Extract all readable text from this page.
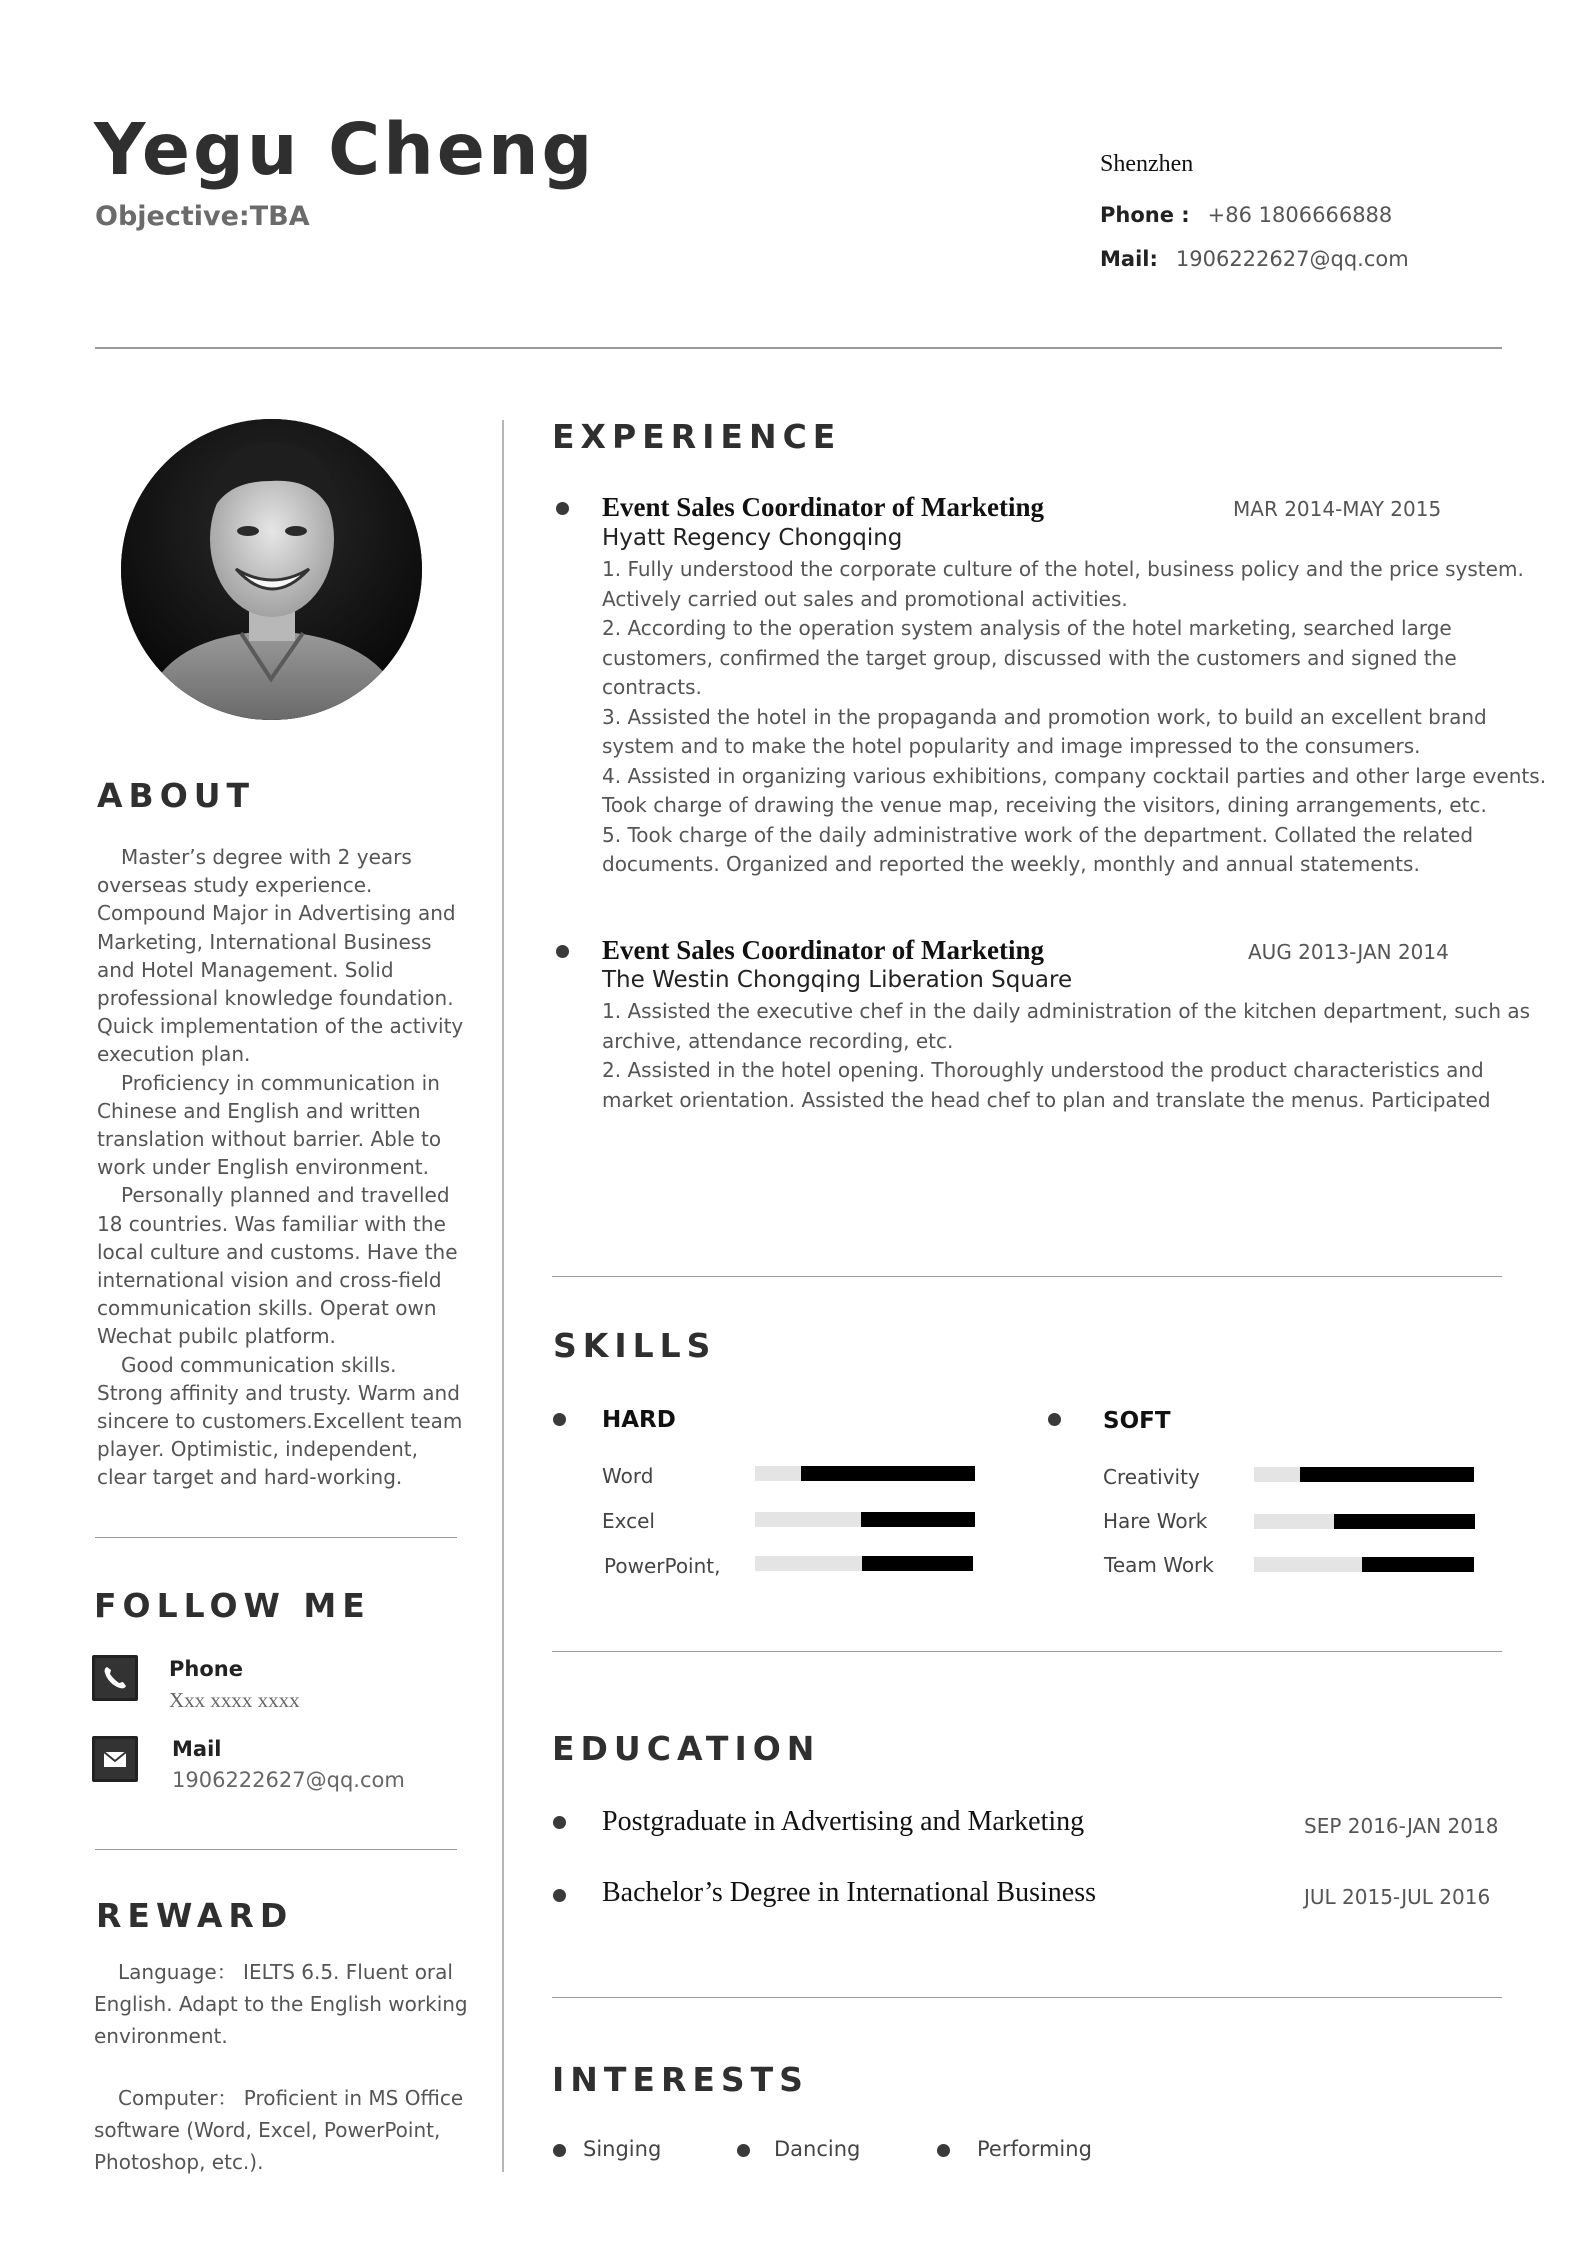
Yegu Cheng
Objective:TBA
Shenzhen
Phone : +86 1806666888
Mail: 1906222627@qq.com
ABOUT

Master’s degree with 2 years overseas study experience. Compound Major in Advertising and Marketing, International Business and Hotel Management. Solid professional knowledge foundation. Quick implementation of the activity execution plan.

Proficiency in communication in Chinese and English and written translation without barrier. Able to work under English environment.

Personally planned and travelled 18 countries. Was familiar with the local culture and customs. Have the international vision and cross-field communication skills. Operat own Wechat pubilc platform.

Good communication skills. Strong affinity and trusty. Warm and sincere to customers.Excellent team player. Optimistic, independent, clear target and hard-working.

FOLLOW ME
Phone
Xxx xxxx xxxx
Mail
1906222627@qq.com
REWARD

Language： IELTS 6.5. Fluent oral English. Adapt to the English working environment.

Computer： Proficient in MS Office software (Word, Excel, PowerPoint, Photoshop, etc.).

EXPERIENCE
Event Sales Coordinator of Marketing	MAR 2014-MAY 2015
Hyatt Regency Chongqing
1. Fully understood the corporate culture of the hotel, business policy and the price system.
Actively carried out sales and promotional activities.
2. According to the operation system analysis of the hotel marketing, searched large
customers, confirmed the target group, discussed with the customers and signed the
contracts.
3. Assisted the hotel in the propaganda and promotion work, to build an excellent brand
system and to make the hotel popularity and image impressed to the consumers.
4. Assisted in organizing various exhibitions, company cocktail parties and other large events.
Took charge of drawing the venue map, receiving the visitors, dining arrangements, etc.
5. Took charge of the daily administrative work of the department. Collated the related
documents. Organized and reported the weekly, monthly and annual statements.
Event Sales Coordinator of Marketing	AUG 2013-JAN 2014
The Westin Chongqing Liberation Square
1. Assisted the executive chef in the daily administration of the kitchen department, such as
archive, attendance recording, etc.
2. Assisted in the hotel opening. Thoroughly understood the product characteristics and
market orientation. Assisted the head chef to plan and translate the menus. Participated
SKILLS
HARD	SOFT
Word
Excel
PowerPoint,
Creativity
Hare Work
Team Work
EDUCATION
Postgraduate in Advertising and Marketing	SEP 2016-JAN 2018
Bachelor’s Degree in International Business	JUL 2015-JUL 2016
INTERESTS
Singing	Dancing	Performing
